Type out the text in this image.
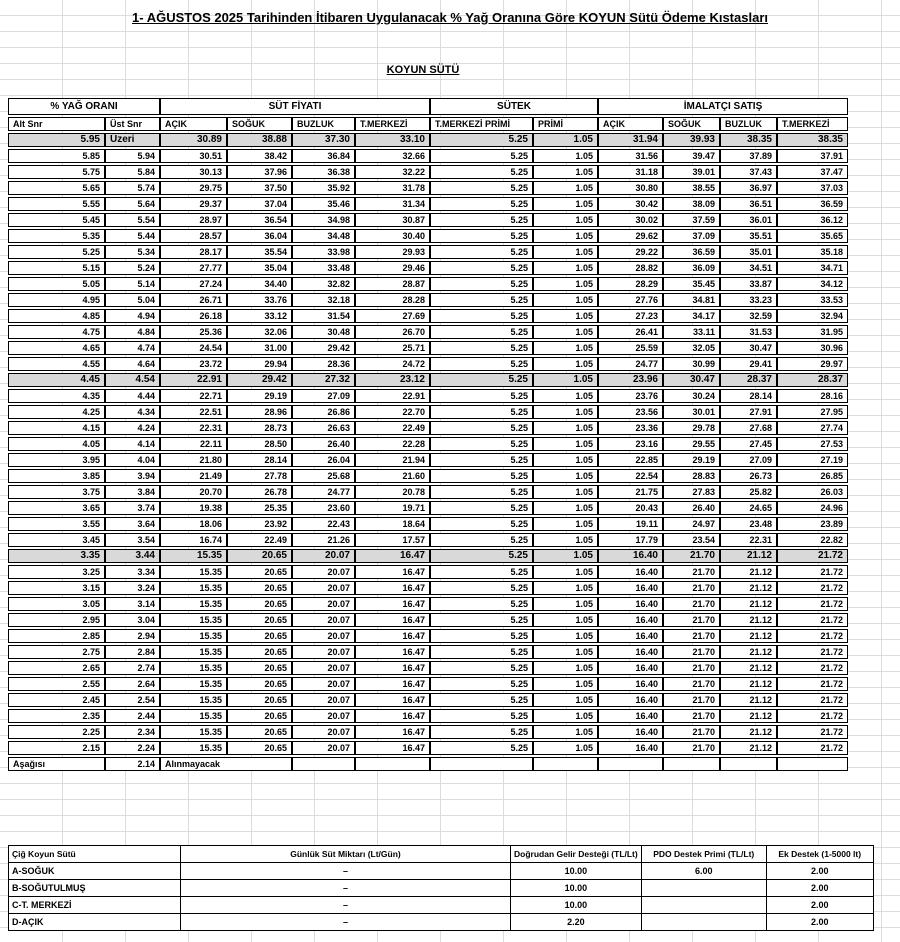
1- AĞUSTOS 2025 Tarihinden İtibaren Uygulanacak % Yağ Oranına Göre KOYUN Sütü Ödeme Kıstasları
KOYUN SÜTÜ
% YAĞ ORANI		SÜT FİYATI				SÜTEK		İMALATÇI SATIŞ			
Alt Snr	Üst Snr	AÇIK	SOĞUK	BUZLUK	T.MERKEZİ	T.MERKEZİ PRİMİ	PRİMİ	AÇIK	SOĞUK	BUZLUK	T.MERKEZİ
5.95	Üzeri	30.89	38.88	37.30	33.10	5.25	1.05	31.94	39.93	38.35	38.35
5.85	5.94	30.51	38.42	36.84	32.66	5.25	1.05	31.56	39.47	37.89	37.91
5.75	5.84	30.13	37.96	36.38	32.22	5.25	1.05	31.18	39.01	37.43	37.47
5.65	5.74	29.75	37.50	35.92	31.78	5.25	1.05	30.80	38.55	36.97	37.03
5.55	5.64	29.37	37.04	35.46	31.34	5.25	1.05	30.42	38.09	36.51	36.59
5.45	5.54	28.97	36.54	34.98	30.87	5.25	1.05	30.02	37.59	36.01	36.12
5.35	5.44	28.57	36.04	34.48	30.40	5.25	1.05	29.62	37.09	35.51	35.65
5.25	5.34	28.17	35.54	33.98	29.93	5.25	1.05	29.22	36.59	35.01	35.18
5.15	5.24	27.77	35.04	33.48	29.46	5.25	1.05	28.82	36.09	34.51	34.71
5.05	5.14	27.24	34.40	32.82	28.87	5.25	1.05	28.29	35.45	33.87	34.12
4.95	5.04	26.71	33.76	32.18	28.28	5.25	1.05	27.76	34.81	33.23	33.53
4.85	4.94	26.18	33.12	31.54	27.69	5.25	1.05	27.23	34.17	32.59	32.94
4.75	4.84	25.36	32.06	30.48	26.70	5.25	1.05	26.41	33.11	31.53	31.95
4.65	4.74	24.54	31.00	29.42	25.71	5.25	1.05	25.59	32.05	30.47	30.96
4.55	4.64	23.72	29.94	28.36	24.72	5.25	1.05	24.77	30.99	29.41	29.97
4.45	4.54	22.91	29.42	27.32	23.12	5.25	1.05	23.96	30.47	28.37	28.37
4.35	4.44	22.71	29.19	27.09	22.91	5.25	1.05	23.76	30.24	28.14	28.16
4.25	4.34	22.51	28.96	26.86	22.70	5.25	1.05	23.56	30.01	27.91	27.95
4.15	4.24	22.31	28.73	26.63	22.49	5.25	1.05	23.36	29.78	27.68	27.74
4.05	4.14	22.11	28.50	26.40	22.28	5.25	1.05	23.16	29.55	27.45	27.53
3.95	4.04	21.80	28.14	26.04	21.94	5.25	1.05	22.85	29.19	27.09	27.19
3.85	3.94	21.49	27.78	25.68	21.60	5.25	1.05	22.54	28.83	26.73	26.85
3.75	3.84	20.70	26.78	24.77	20.78	5.25	1.05	21.75	27.83	25.82	26.03
3.65	3.74	19.38	25.35	23.60	19.71	5.25	1.05	20.43	26.40	24.65	24.96
3.55	3.64	18.06	23.92	22.43	18.64	5.25	1.05	19.11	24.97	23.48	23.89
3.45	3.54	16.74	22.49	21.26	17.57	5.25	1.05	17.79	23.54	22.31	22.82
3.35	3.44	15.35	20.65	20.07	16.47	5.25	1.05	16.40	21.70	21.12	21.72
3.25	3.34	15.35	20.65	20.07	16.47	5.25	1.05	16.40	21.70	21.12	21.72
3.15	3.24	15.35	20.65	20.07	16.47	5.25	1.05	16.40	21.70	21.12	21.72
3.05	3.14	15.35	20.65	20.07	16.47	5.25	1.05	16.40	21.70	21.12	21.72
2.95	3.04	15.35	20.65	20.07	16.47	5.25	1.05	16.40	21.70	21.12	21.72
2.85	2.94	15.35	20.65	20.07	16.47	5.25	1.05	16.40	21.70	21.12	21.72
2.75	2.84	15.35	20.65	20.07	16.47	5.25	1.05	16.40	21.70	21.12	21.72
2.65	2.74	15.35	20.65	20.07	16.47	5.25	1.05	16.40	21.70	21.12	21.72
2.55	2.64	15.35	20.65	20.07	16.47	5.25	1.05	16.40	21.70	21.12	21.72
2.45	2.54	15.35	20.65	20.07	16.47	5.25	1.05	16.40	21.70	21.12	21.72
2.35	2.44	15.35	20.65	20.07	16.47	5.25	1.05	16.40	21.70	21.12	21.72
2.25	2.34	15.35	20.65	20.07	16.47	5.25	1.05	16.40	21.70	21.12	21.72
2.15	2.24	15.35	20.65	20.07	16.47	5.25	1.05	16.40	21.70	21.12	21.72
Aşağısı	2.14	Alınmayacak									
Çiğ Koyun Sütü	Günlük Süt Miktarı (Lt/Gün)	Doğrudan Gelir Desteği (TL/Lt)	PDO Destek Primi (TL/Lt)	Ek Destek (1-5000 lt)
A-SOĞUK	–	10.00	6.00	2.00
B-SOĞUTULMUŞ	–	10.00		2.00
C-T. MERKEZİ	–	10.00		2.00
D-AÇIK	–	2.20		2.00
